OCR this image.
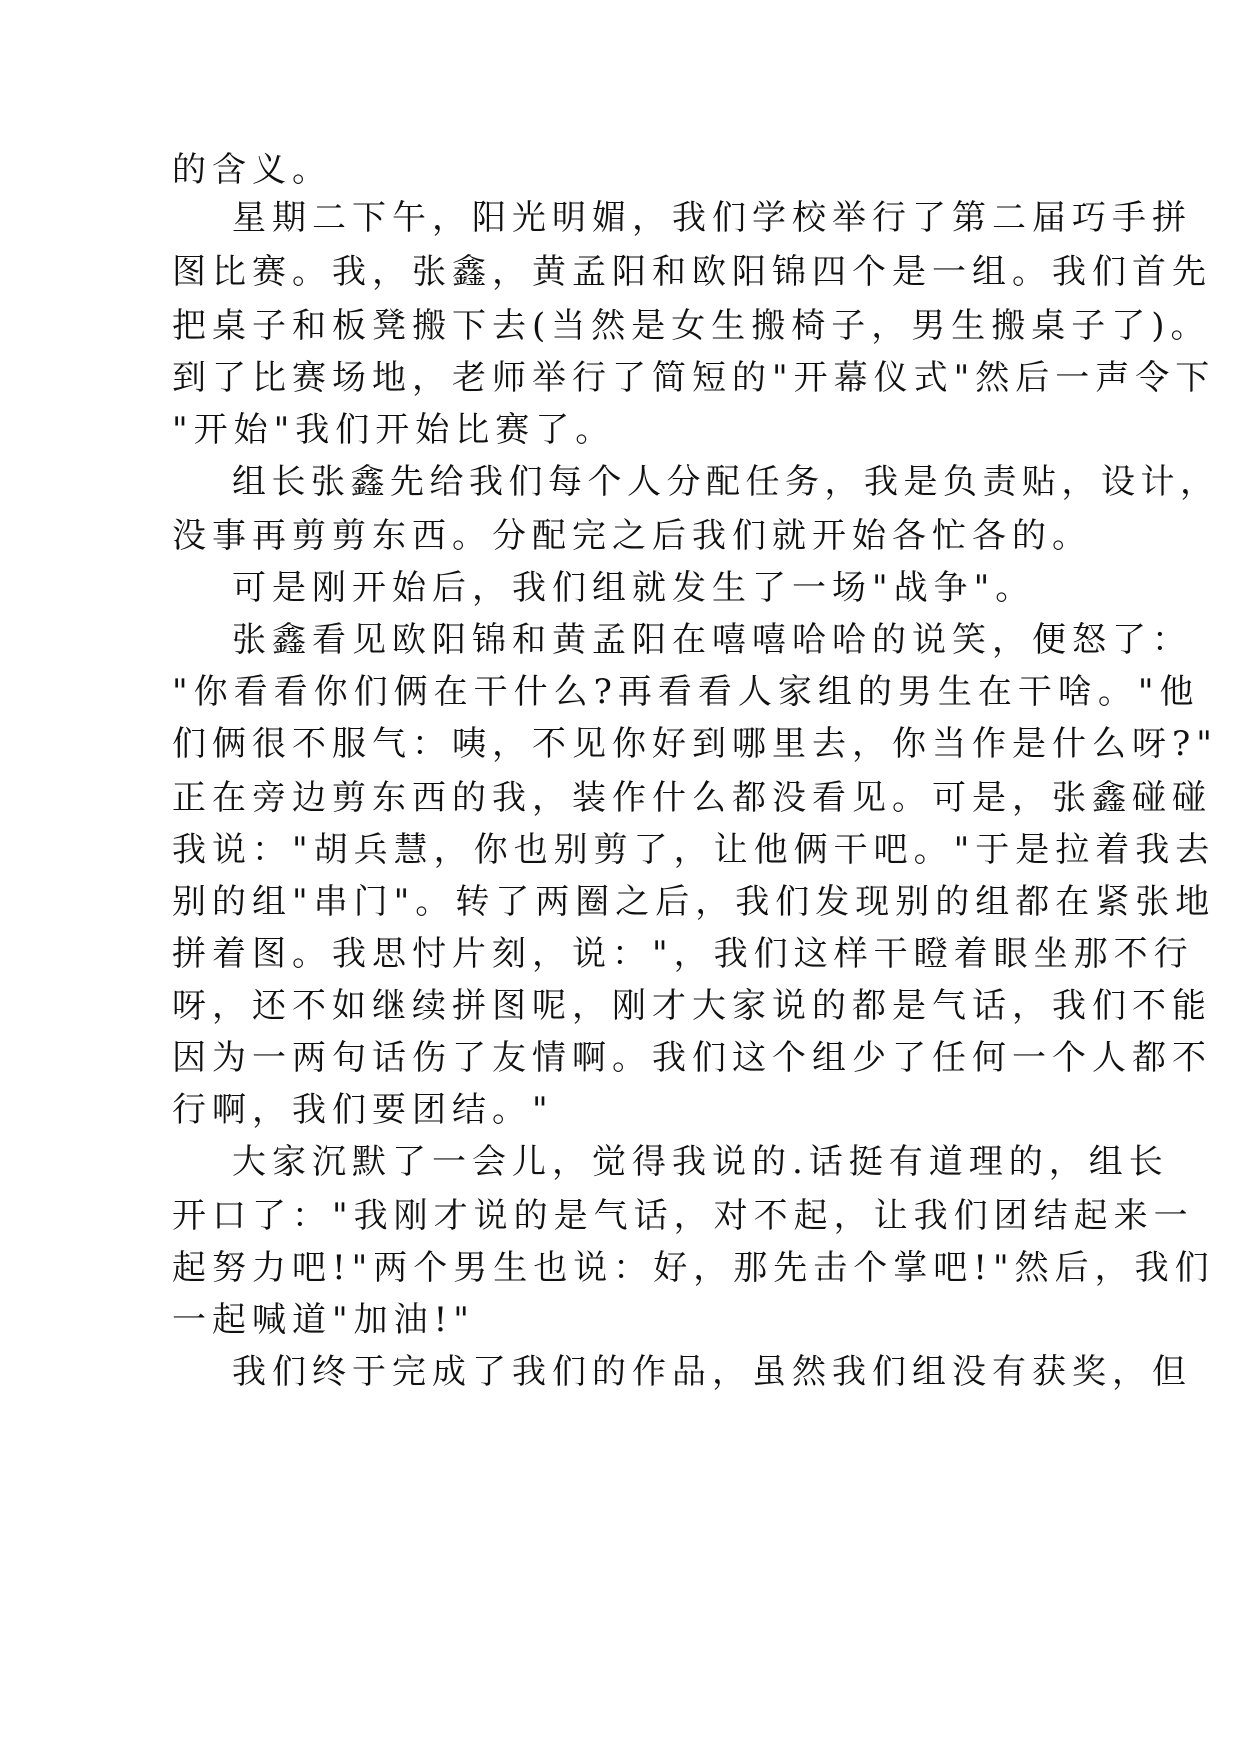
的含义。

星期二下午，阳光明媚，我们学校举行了第二届巧手拼

图比赛。我，张鑫，黄孟阳和欧阳锦四个是一组。我们首先

把桌子和板凳搬下去(当然是女生搬椅子，男生搬桌子了)。

到了比赛场地，老师举行了简短的"开幕仪式"然后一声令下

"开始"我们开始比赛了。

组长张鑫先给我们每个人分配任务，我是负责贴，设计，

没事再剪剪东西。分配完之后我们就开始各忙各的。

可是刚开始后，我们组就发生了一场"战争"。

张鑫看见欧阳锦和黄孟阳在嘻嘻哈哈的说笑，便怒了：

"你看看你们俩在干什么?再看看人家组的男生在干啥。"他

们俩很不服气：咦，不见你好到哪里去，你当作是什么呀?"

正在旁边剪东西的我，装作什么都没看见。可是，张鑫碰碰

我说："胡兵慧，你也别剪了，让他俩干吧。"于是拉着我去

别的组"串门"。转了两圈之后，我们发现别的组都在紧张地

拼着图。我思忖片刻，说："，我们这样干瞪着眼坐那不行

呀，还不如继续拼图呢，刚才大家说的都是气话，我们不能

因为一两句话伤了友情啊。我们这个组少了任何一个人都不

行啊，我们要团结。"

大家沉默了一会儿，觉得我说的.话挺有道理的，组长

开口了："我刚才说的是气话，对不起，让我们团结起来一

起努力吧!"两个男生也说：好，那先击个掌吧!"然后，我们

一起喊道"加油!"

我们终于完成了我们的作品，虽然我们组没有获奖，但
